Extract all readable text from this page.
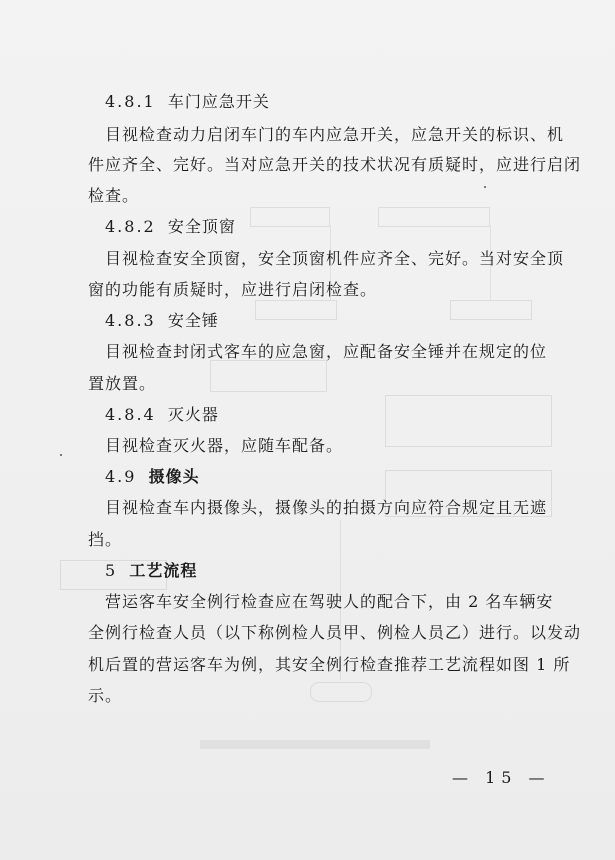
4.8.1 车门应急开关
目视检查动力启闭车门的车内应急开关，应急开关的标识、机
件应齐全、完好。当对应急开关的技术状况有质疑时，应进行启闭
检查。
4.8.2 安全顶窗
目视检查安全顶窗，安全顶窗机件应齐全、完好。当对安全顶
窗的功能有质疑时，应进行启闭检查。
4.8.3 安全锤
目视检查封闭式客车的应急窗，应配备安全锤并在规定的位
置放置。
4.8.4 灭火器
目视检查灭火器，应随车配备。
4.9 摄像头
目视检查车内摄像头，摄像头的拍摄方向应符合规定且无遮
挡。
5 工艺流程
营运客车安全例行检查应在驾驶人的配合下，由 2 名车辆安
全例行检查人员（以下称例检人员甲、例检人员乙）进行。以发动
机后置的营运客车为例，其安全例行检查推荐工艺流程如图 1 所
示。
— 15 —
